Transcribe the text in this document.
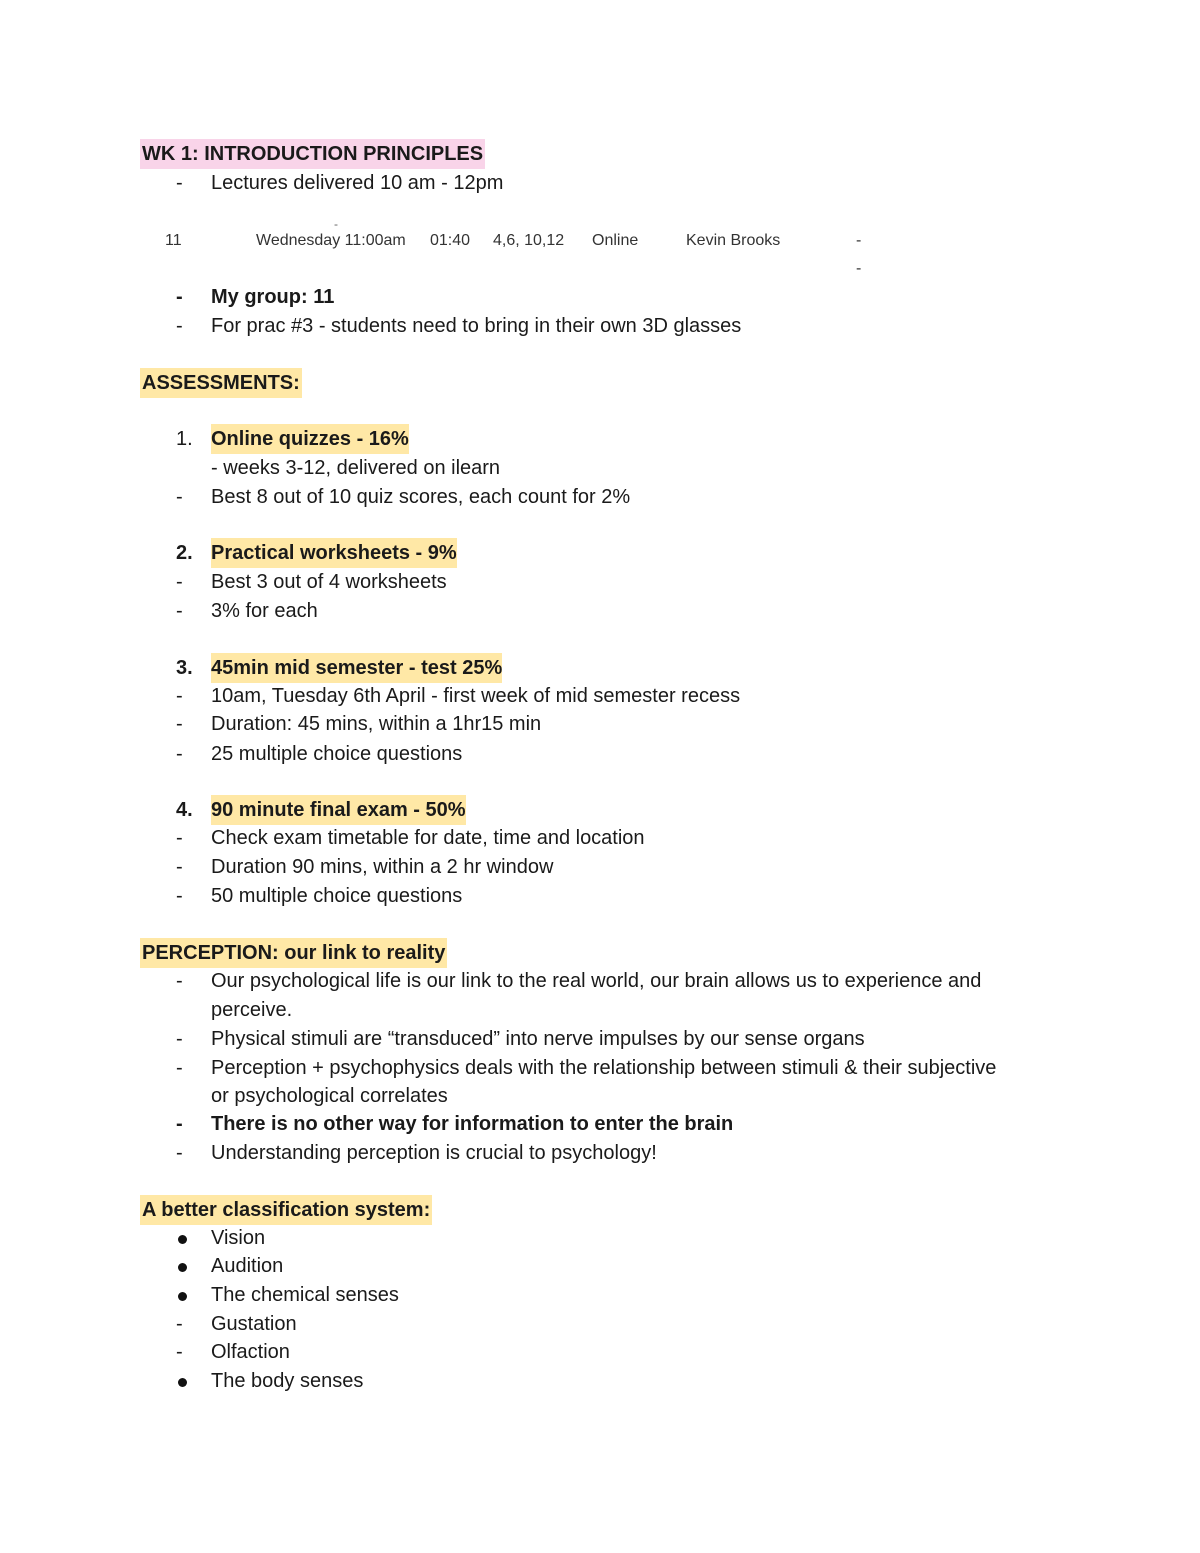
WK 1: INTRODUCTION PRINCIPLES
- Lectures delivered 10 am - 12pm
-
11	Wednesday 11:00am 01:40 4,6, 10,12 Online	Kevin Brooks	-
-
- My group: 11
- For prac #3 - students need to bring in their own 3D glasses
ASSESSMENTS:
1. Online quizzes - 16%
- weeks 3-12, delivered on ilearn
- Best 8 out of 10 quiz scores, each count for 2%
2. Practical worksheets - 9%
- Best 3 out of 4 worksheets
- 3% for each
3. 45min mid semester - test 25%
- 10am, Tuesday 6th April - first week of mid semester recess
- Duration: 45 mins, within a 1hr15 min
- 25 multiple choice questions
4. 90 minute final exam - 50%
- Check exam timetable for date, time and location
- Duration 90 mins, within a 2 hr window
- 50 multiple choice questions
PERCEPTION: our link to reality
- Our psychological life is our link to the real world, our brain allows us to experience and
perceive.
- Physical stimuli are “transduced” into nerve impulses by our sense organs
- Perception + psychophysics deals with the relationship between stimuli & their subjective
or psychological correlates
- There is no other way for information to enter the brain
- Understanding perception is crucial to psychology!
A better classification system:
Vision
Audition
The chemical senses
- Gustation
- Olfaction
The body senses
